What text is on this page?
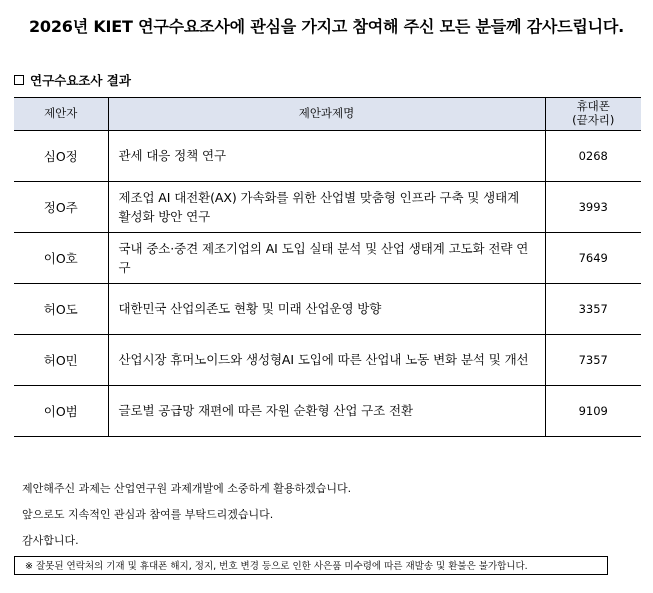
2026년 KIET 연구수요조사에 관심을 가지고 참여해 주신 모든 분들께 감사드립니다.
연구수요조사 결과
제안자	제안과제명	휴대폰
(끝자리)

심O정	관세 대응 정책 연구	0268
정O주	제조업 AI 대전환(AX) 가속화를 위한 산업별 맞춤형 인프라 구축 및 생태계 활성화 방안 연구	3993
이O호	국내 중소·중견 제조기업의 AI 도입 실태 분석 및 산업 생태계 고도화 전략 연구	7649
허O도	대한민국 산업의존도 현황 및 미래 산업운영 방향	3357
허O민	산업시장 휴머노이드와 생성형AI 도입에 따른 산업내 노동 변화 분석 및 개선	7357
이O범	글로벌 공급망 재편에 따른 자원 순환형 산업 구조 전환	9109
제안해주신 과제는 산업연구원 과제개발에 소중하게 활용하겠습니다.
앞으로도 지속적인 관심과 참여를 부탁드리겠습니다.
감사합니다.
※ 잘못된 연락처의 기재 및 휴대폰 해지, 정지, 번호 변경 등으로 인한 사은품 미수령에 따른 재발송 및 환불은 불가합니다.
